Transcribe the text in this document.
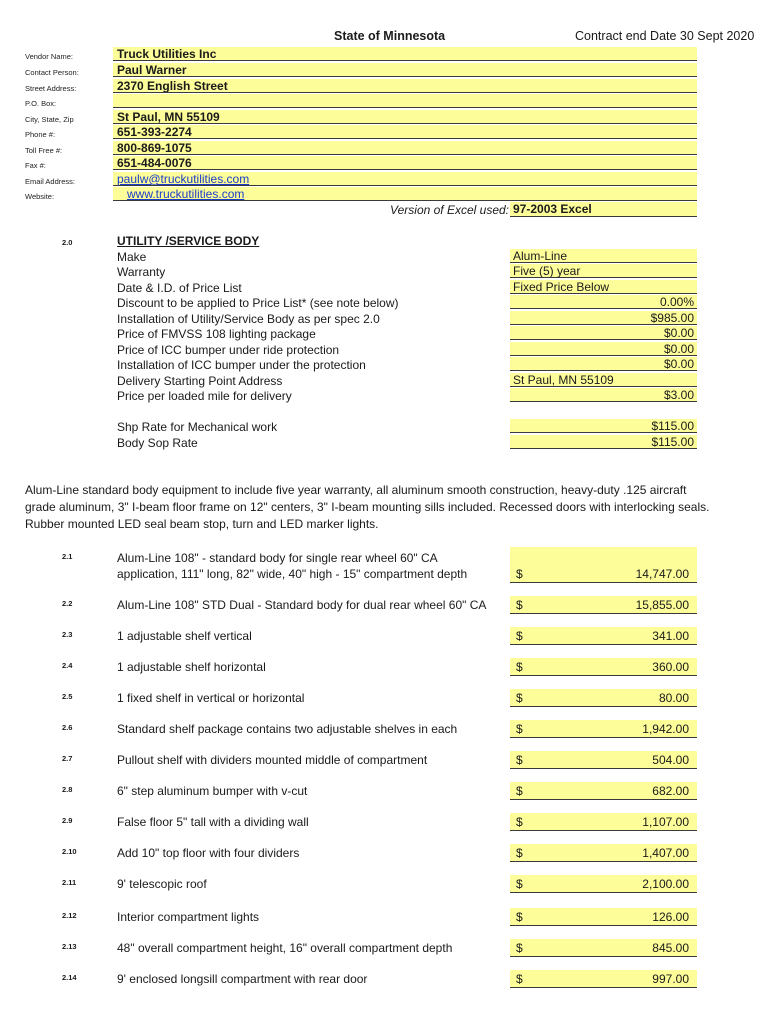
State of Minnesota	Contract end Date 30 Sept 2020
Vendor Name:	Truck Utilities Inc
Contact Person:	Paul Warner
Street Address:	2370 English Street
P.O. Box:
City, State, Zip	St Paul, MN 55109
Phone #:	651-393-2274
Toll Free #:	800-869-1075
Fax #:	651-484-0076
Email Address:	paulw@truckutilities.com
Website:	www.truckutilities.com
Version of Excel used: 97-2003 Excel
2.0	UTILITY /SERVICE BODY
Make	Alum-Line
Warranty	Five (5) year
Date & I.D. of Price List	Fixed Price Below
Discount to be applied to Price List* (see note below)	0.00%
Installation of Utility/Service Body as per spec 2.0	$985.00
Price of FMVSS 108 lighting package	$0.00
Price of ICC bumper under ride protection	$0.00
Installation of ICC bumper under the protection	$0.00
Delivery Starting Point Address	St Paul, MN 55109
Price per loaded mile for delivery	$3.00
Shp Rate for Mechanical work	$115.00
Body Sop Rate	$115.00
Alum-Line standard body equipment to include five year warranty, all aluminum smooth construction, heavy-duty .125 aircraft grade aluminum, 3" I-beam floor frame on 12" centers, 3" I-beam mounting sills included. Recessed doors with interlocking seals. Rubber mounted LED seal beam stop, turn and LED marker lights.
2.1	Alum-Line 108" - standard body for single rear wheel 60" CA
application, 111" long, 82" wide, 40" high - 15" compartment depth	$	14,747.00
2.2	Alum-Line 108" STD Dual - Standard body for dual rear wheel 60" CA $	15,855.00
2.3	1 adjustable shelf vertical	$	341.00
2.4	1 adjustable shelf horizontal	$	360.00
2.5	1 fixed shelf in vertical or horizontal	$	80.00
2.6	Standard shelf package contains two adjustable shelves in each	$	1,942.00
2.7	Pullout shelf with dividers mounted middle of compartment	$	504.00
2.8	6" step aluminum bumper with v-cut	$	682.00
2.9	False floor 5" tall with a dividing wall	$	1,107.00
2.10	Add 10" top floor with four dividers	$	1,407.00
2.11	9' telescopic roof	$	2,100.00
2.12	Interior compartment lights	$	126.00
2.13	48" overall compartment height, 16" overall compartment depth	$	845.00
2.14	9' enclosed longsill compartment with rear door	$	997.00
